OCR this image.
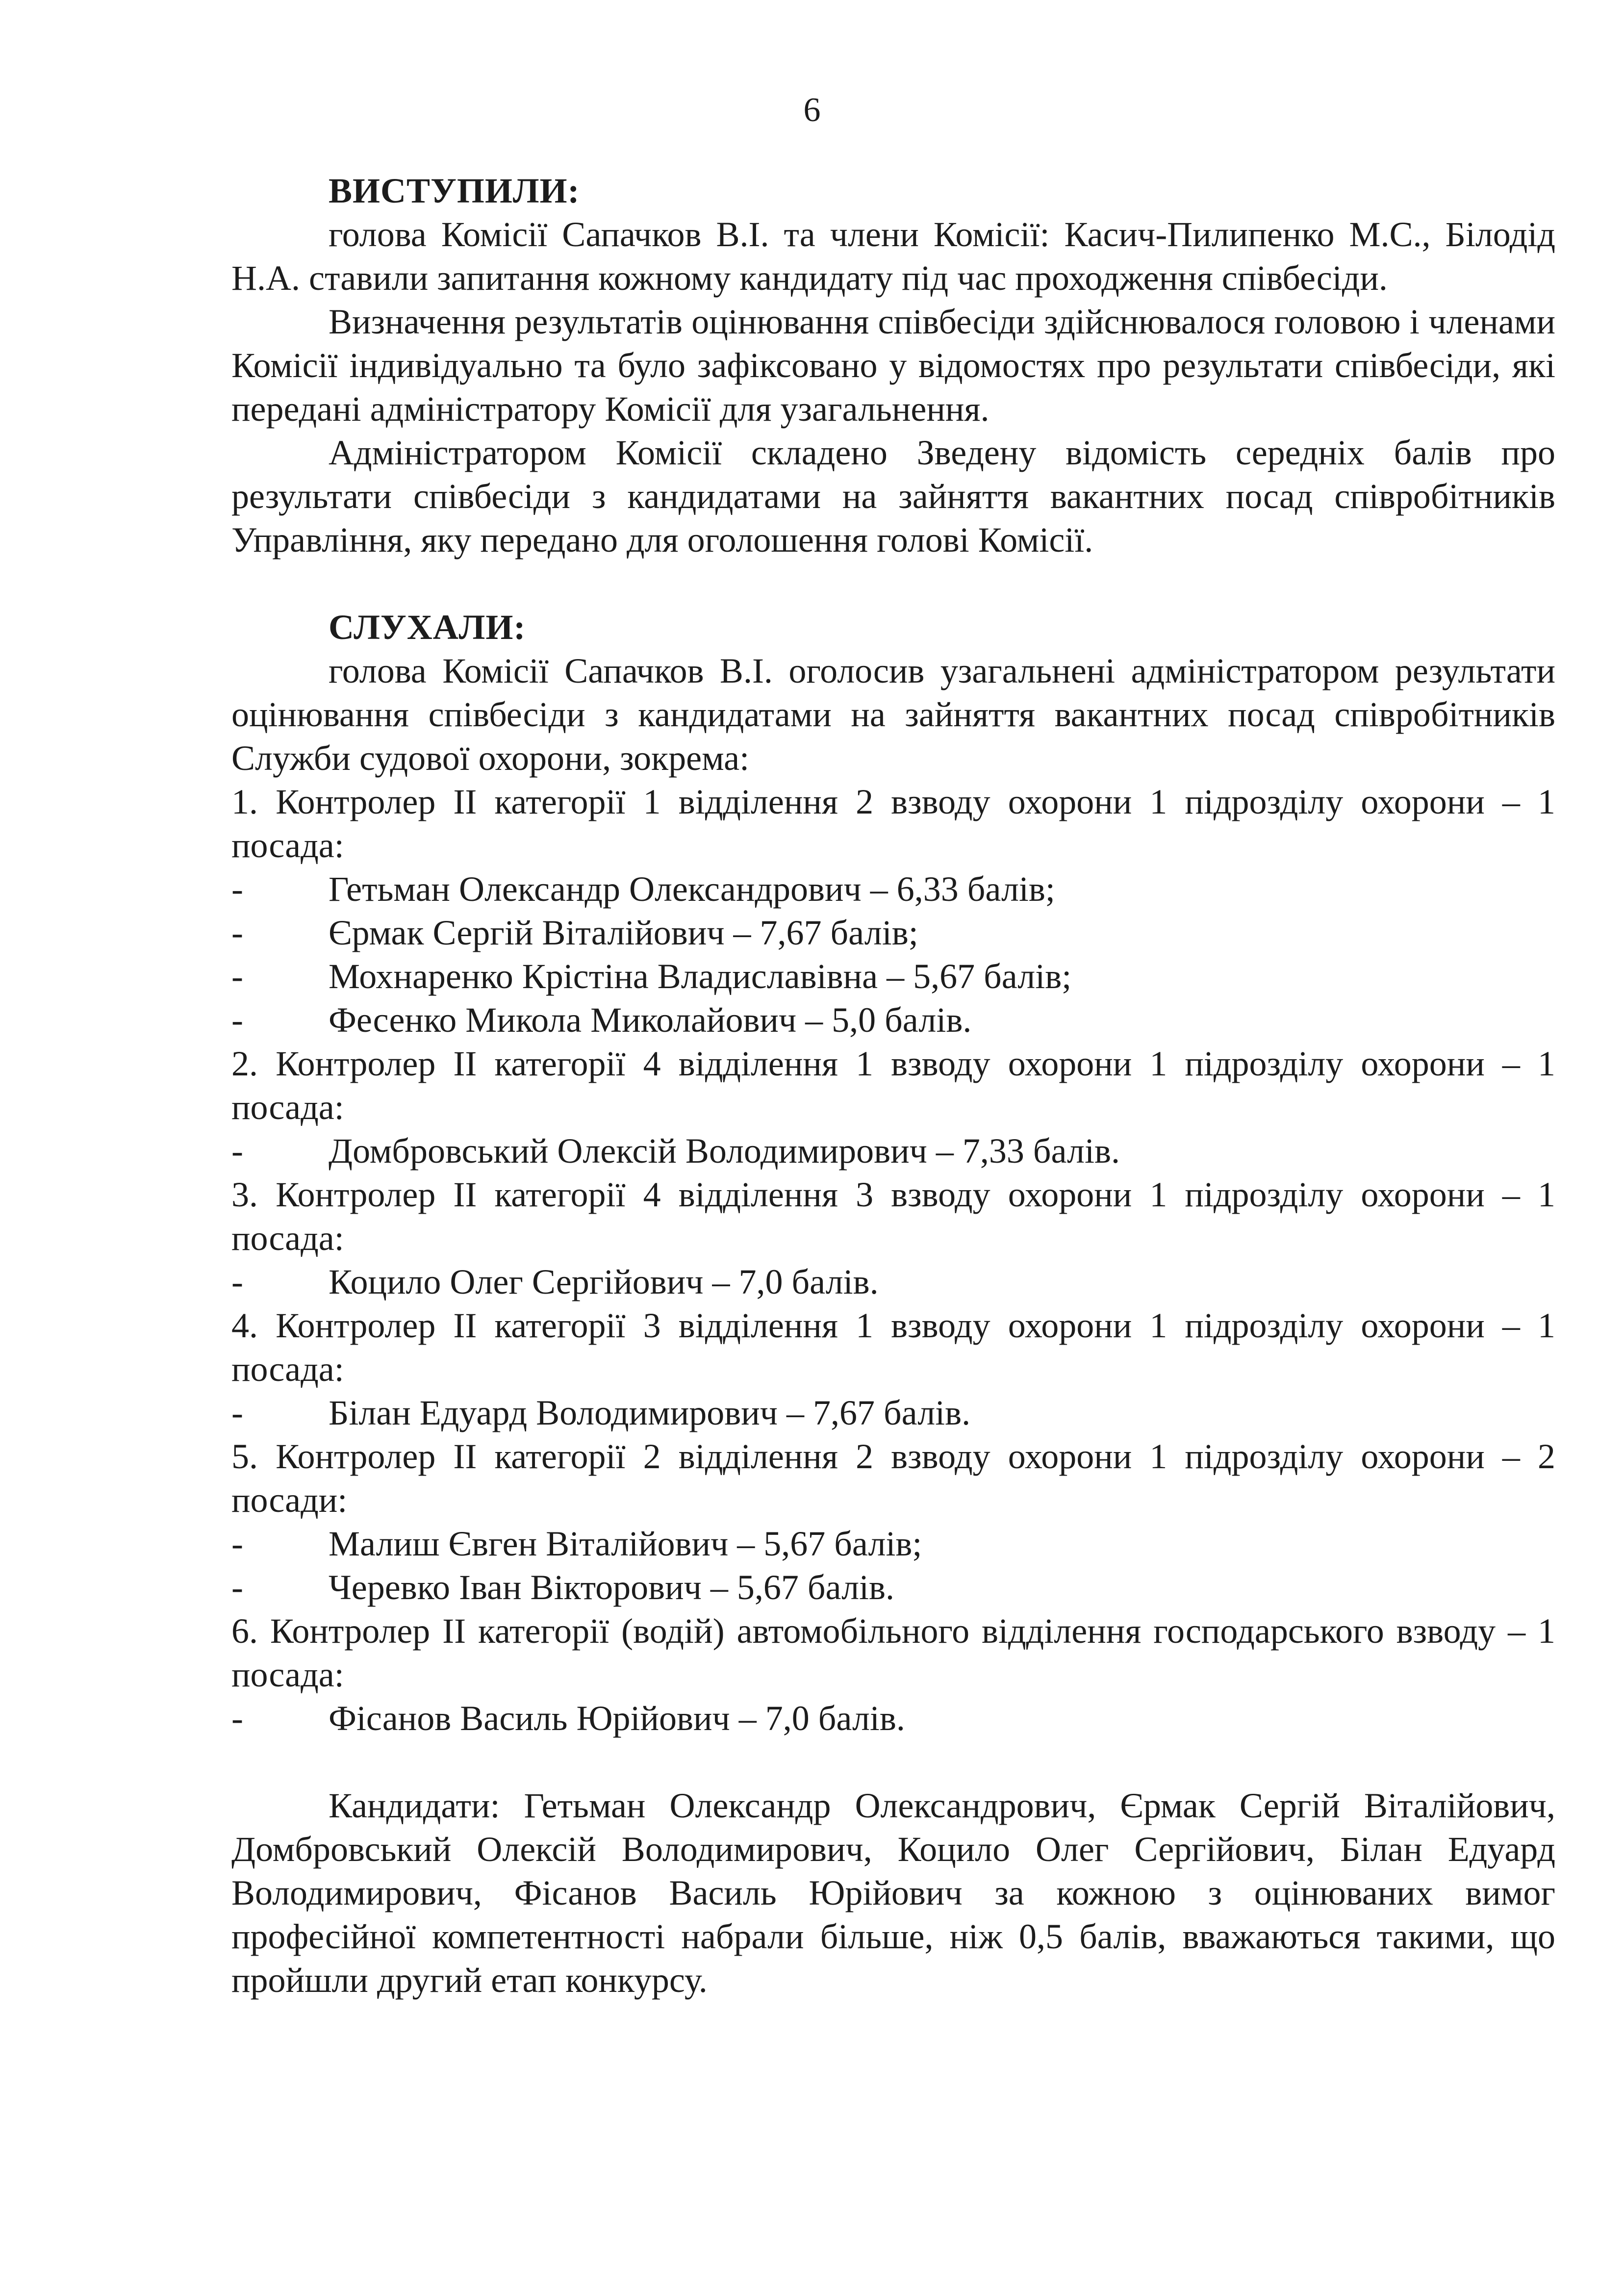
6

ВИСТУПИЛИ:

голова Комісії Сапачков В.І. та члени Комісії: Касич-Пилипенко М.С., Білодід Н.А. ставили запитання кожному кандидату під час проходження співбесіди.

Визначення результатів оцінювання співбесіди здійснювалося головою і членами Комісії індивідуально та було зафіксовано у відомостях про результати співбесіди, які передані адміністратору Комісії для узагальнення.

Адміністратором Комісії складено Зведену відомість середніх балів про результати співбесіди з кандидатами на зайняття вакантних посад співробітників Управління, яку передано для оголошення голові Комісії.

СЛУХАЛИ:

голова Комісії Сапачков В.І. оголосив узагальнені адміністратором результати оцінювання співбесіди з кандидатами на зайняття вакантних посад співробітників Служби судової охорони, зокрема:

1. Контролер ІІ категорії 1 відділення 2 взводу охорони 1 підрозділу охорони – 1 посада:

-	Гетьман Олександр Олександрович – 6,33 балів;
-	Єрмак Сергій Віталійович – 7,67 балів;
-	Мохнаренко Крістіна Владиславівна – 5,67 балів;
-	Фесенко Микола Миколайович – 5,0 балів.

2. Контролер ІІ категорії 4 відділення 1 взводу охорони 1 підрозділу охорони – 1 посада:

-	Домбровський Олексій Володимирович – 7,33 балів.

3. Контролер ІІ категорії 4 відділення 3 взводу охорони 1 підрозділу охорони – 1 посада:

-	Коцило Олег Сергійович – 7,0 балів.

4. Контролер ІІ категорії 3 відділення 1 взводу охорони 1 підрозділу охорони – 1 посада:

-	Білан Едуард Володимирович – 7,67 балів.

5. Контролер ІІ категорії 2 відділення 2 взводу охорони 1 підрозділу охорони – 2 посади:

-	Малиш Євген Віталійович – 5,67 балів;
-	Черевко Іван Вікторович – 5,67 балів.

6. Контролер ІІ категорії (водій) автомобільного відділення господарського взводу – 1 посада:

-	Фісанов Василь Юрійович – 7,0 балів.

Кандидати: Гетьман Олександр Олександрович, Єрмак Сергій Віталійович, Домбровський Олексій Володимирович, Коцило Олег Сергійович, Білан Едуард Володимирович, Фісанов Василь Юрійович за кожною з оцінюваних вимог професійної компетентності набрали більше, ніж 0,5 балів, вважаються такими, що пройшли другий етап конкурсу.
